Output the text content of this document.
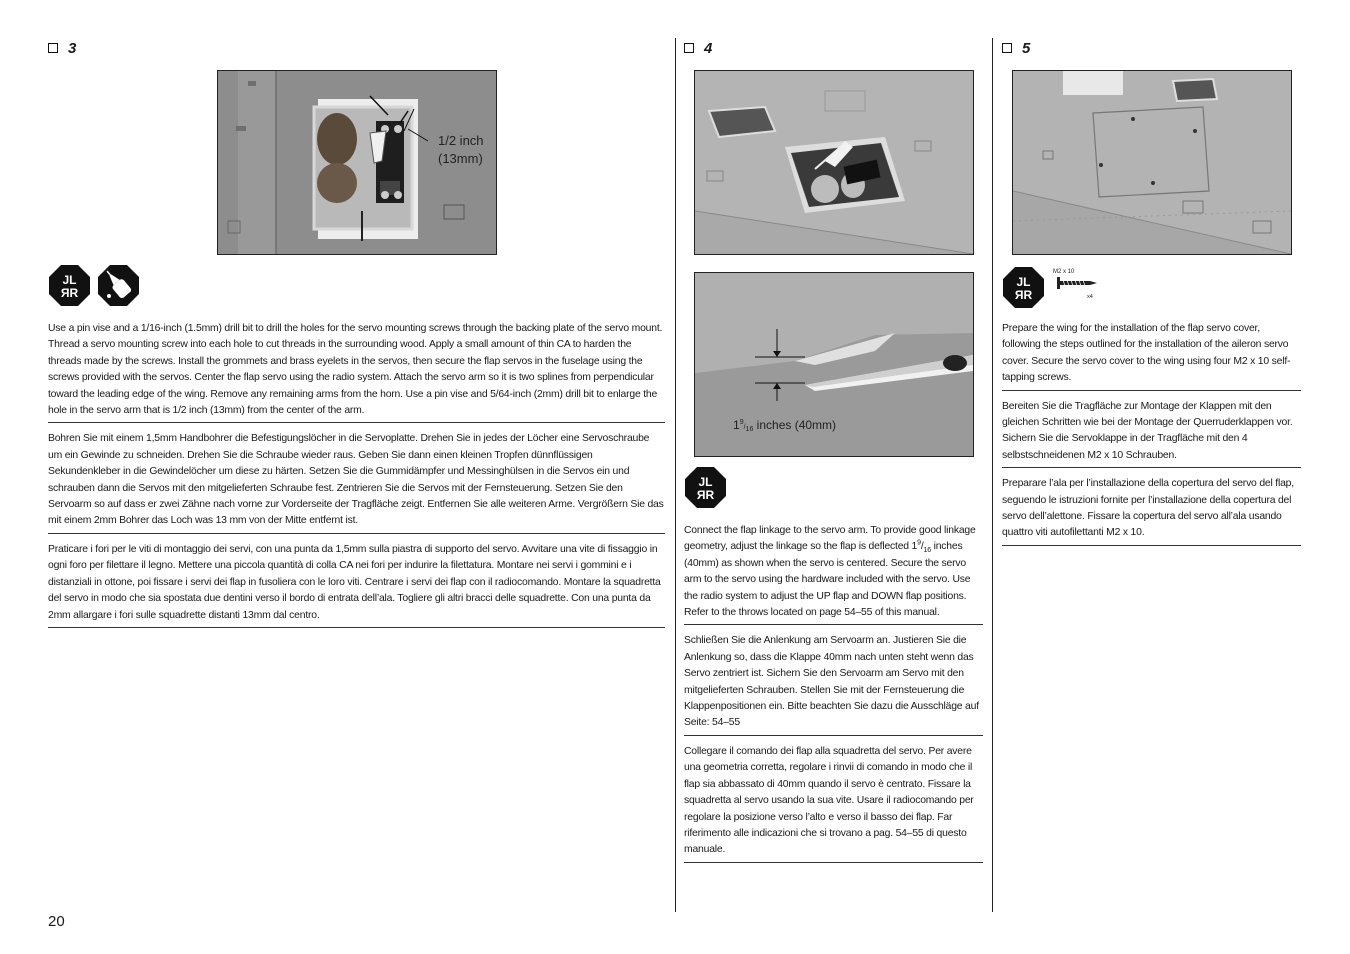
3
1/2 inch
(13mm)
JL
ЯR
Use a pin vise and a 1/16-inch (1.5mm) drill bit to drill the holes for the servo mounting screws through the backing plate of the servo mount. Thread a servo mounting screw into each hole to cut threads in the surrounding wood. Apply a small amount of thin CA to harden the threads made by the screws. Install the grommets and brass eyelets in the servos, then secure the flap servos in the fuselage using the screws provided with the servos. Center the flap servo using the radio system. Attach the servo arm so it is two splines from perpendicular toward the leading edge of the wing. Remove any remaining arms from the horn. Use a pin vise and 5/64-inch (2mm) drill bit to enlarge the hole in the servo arm that is 1/2 inch (13mm) from the center of the arm.
Bohren Sie mit einem 1,5mm Handbohrer die Befestigungslöcher in die Servoplatte. Drehen Sie in jedes der Löcher eine Servoschraube um ein Gewinde zu schneiden. Drehen Sie die Schraube wieder raus. Geben Sie dann einen kleinen Tropfen dünnflüssigen Sekundenkleber in die Gewindelöcher um diese zu härten. Setzen Sie die Gummidämpfer und Messinghülsen in die Servos ein und schrauben dann die Servos mit den mitgelieferten Schraube fest. Zentrieren Sie die Servos mit der Fernsteuerung. Setzen Sie den Servoarm so auf dass er zwei Zähne nach vorne zur Vorderseite der Tragfläche zeigt. Entfernen Sie alle weiteren Arme. Vergrößern Sie das mit einem 2mm Bohrer das Loch was 13 mm von der Mitte entfernt ist.
Praticare i fori per le viti di montaggio dei servi, con una punta da 1,5mm sulla piastra di supporto del servo. Avvitare una vite di fissaggio in ogni foro per filettare il legno. Mettere una piccola quantità di colla CA nei fori per indurire la filettatura. Montare nei servi i gommini e i distanziali in ottone, poi fissare i servi dei flap in fusoliera con le loro viti. Centrare i servi dei flap con il radiocomando. Montare la squadretta del servo in modo che sia spostata due dentini verso il bordo di entrata dell’ala. Togliere gli altri bracci delle squadrette. Con una punta da 2mm allargare i fori sulle squadrette distanti 13mm dal centro.
4
$1^9_/16$ inches (40mm)
JL
ЯR
Connect the flap linkage to the servo arm. To provide good linkage geometry, adjust the linkage so the flap is deflected $1^9/_{16}$ inches (40mm) as shown when the servo is centered. Secure the servo arm to the servo using the hardware included with the servo. Use the radio system to adjust the UP flap and DOWN flap positions. Refer to the throws located on page 54–55 of this manual.
Schließen Sie die Anlenkung am Servoarm an. Justieren Sie die Anlenkung so, dass die Klappe 40mm nach unten steht wenn das Servo zentriert ist. Sichern Sie den Servoarm am Servo mit den mitgelieferten Schrauben. Stellen Sie mit der Fernsteuerung die Klappenpositionen ein. Bitte beachten Sie dazu die Ausschläge auf Seite: 54–55
Collegare il comando dei flap alla squadretta del servo. Per avere una geometria corretta, regolare i rinvii di comando in modo che il flap sia abbassato di 40mm quando il servo è centrato. Fissare la squadretta al servo usando la sua vite. Usare il radiocomando per regolare la posizione verso l’alto e verso il basso dei flap. Far riferimento alle indicazioni che si trovano a pag. 54–55 di questo manuale.
5
JL
ЯR
M2 x 10
x4
Prepare the wing for the installation of the flap servo cover, following the steps outlined for the installation of the aileron servo cover. Secure the servo cover to the wing using four M2 x 10 self-tapping screws.
Bereiten Sie die Tragfläche zur Montage der Klappen mit den gleichen Schritten wie bei der Montage der Querruderklappen vor. Sichern Sie die Servoklappe in der Tragfläche mit den 4 selbstschneidenen M2 x 10 Schrauben.
Preparare l’ala per l’installazione della copertura del servo del flap, seguendo le istruzioni fornite per l’installazione della copertura del servo dell’alettone. Fissare la copertura del servo all’ala usando quattro viti autofilettanti M2 x 10.
20
